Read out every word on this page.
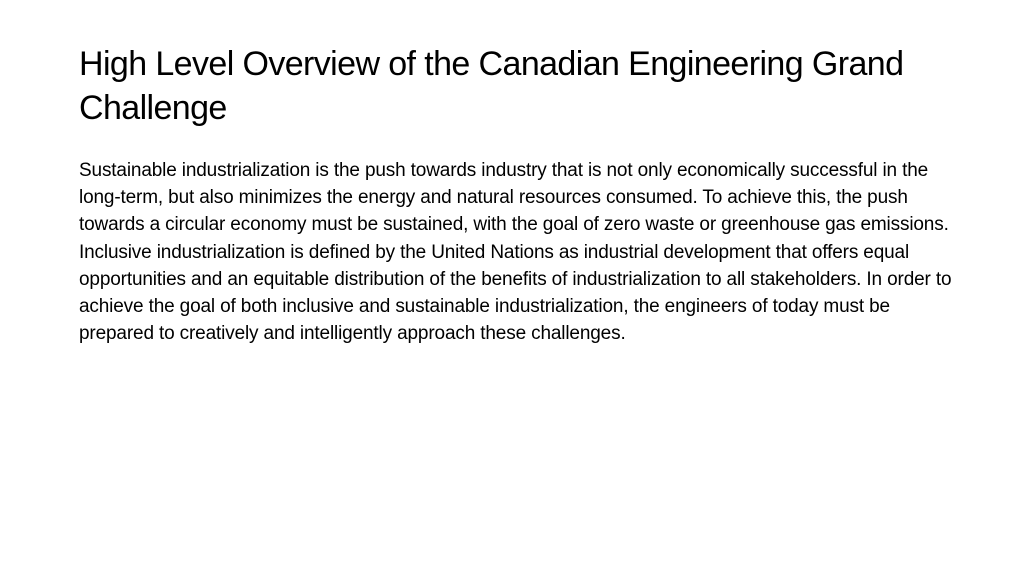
High Level Overview of the Canadian Engineering Grand Challenge

Sustainable industrialization is the push towards industry that is not only economically successful in the long-term, but also minimizes the energy and natural resources consumed. To achieve this, the push towards a circular economy must be sustained, with the goal of zero waste or greenhouse gas emissions. Inclusive industrialization is defined by the United Nations as industrial development that offers equal opportunities and an equitable distribution of the benefits of industrialization to all stakeholders. In order to achieve the goal of both inclusive and sustainable industrialization, the engineers of today must be prepared to creatively and intelligently approach these challenges.
